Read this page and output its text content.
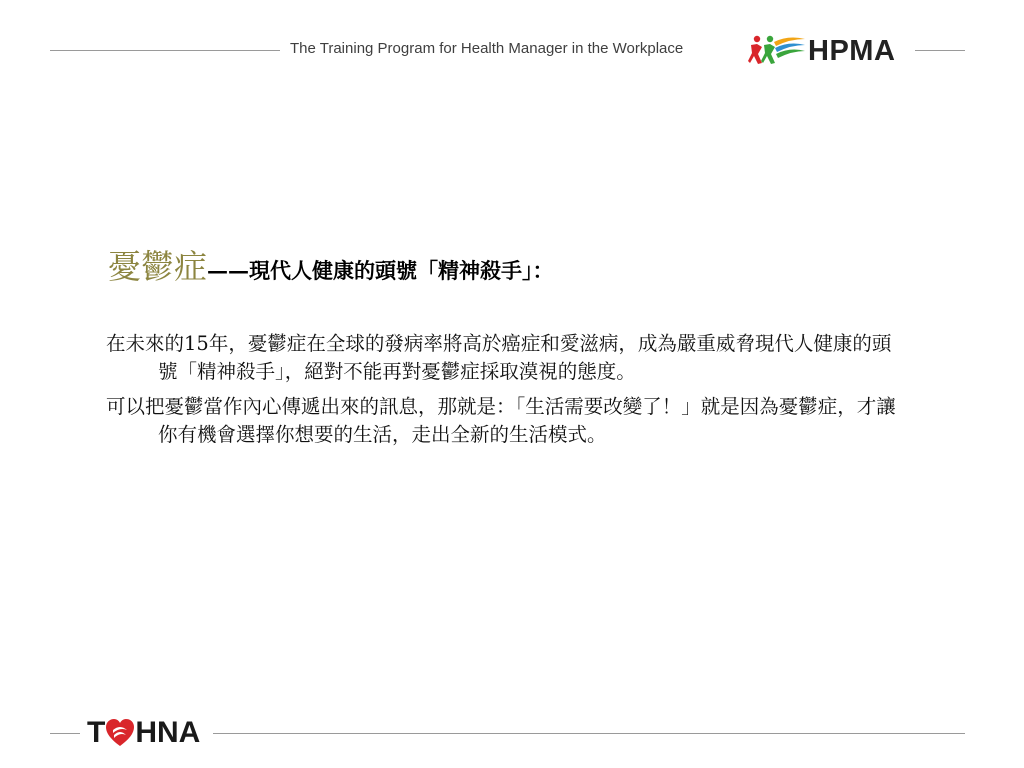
The Training Program for Health Manager in the Workplace	HPMA
憂鬱症——現代人健康的頭號「精神殺手」：

在未來的15年，憂鬱症在全球的發病率將高於癌症和愛滋病，成為嚴重威脅現代人健康的頭號「精神殺手」，絕對不能再對憂鬱症採取漠視的態度。

可以把憂鬱當作內心傳遞出來的訊息，那就是：「生活需要改變了！」就是因為憂鬱症，才讓你有機會選擇你想要的生活，走出全新的生活模式。

T HNA
